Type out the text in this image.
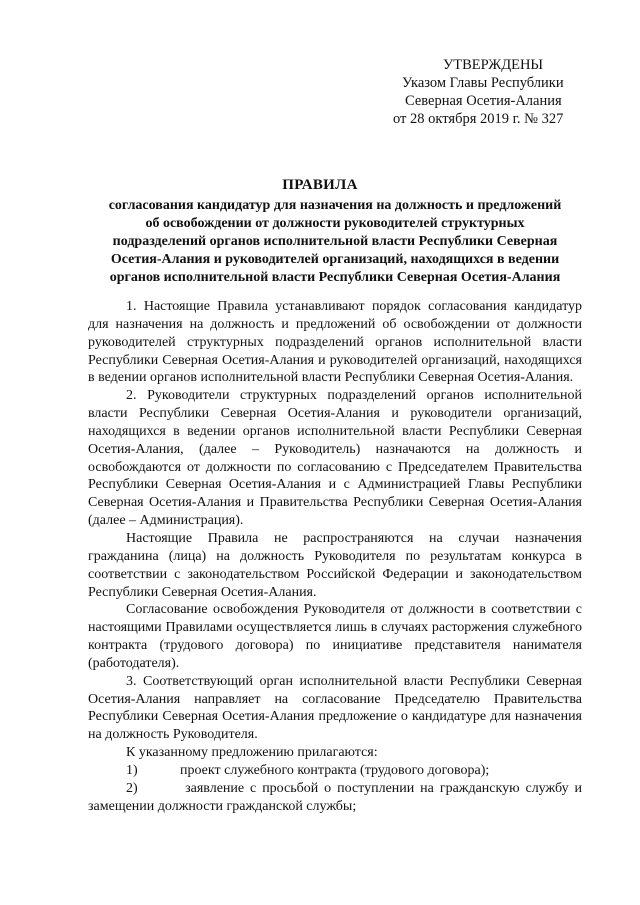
УТВЕРЖДЕНЫ
Указом Главы Республики
Северная Осетия-Алания
от 28 октября 2019 г. № 327
ПРАВИЛА
согласования кандидатур для назначения на должность и предложений
об освобождении от должности руководителей структурных
подразделений органов исполнительной власти Республики Северная
Осетия-Алания и руководителей организаций, находящихся в ведении
органов исполнительной власти Республики Северная Осетия-Алания

1. Настоящие Правила устанавливают порядок согласования кандидатур для назначения на должность и предложений об освобождении от должности руководителей структурных подразделений органов исполнительной власти Республики Северная Осетия-Алания и руководителей организаций, находящихся в ведении органов исполнительной власти Республики Северная Осетия-Алания.

2. Руководители структурных подразделений органов исполнительной власти Республики Северная Осетия-Алания и руководители организаций, находящихся в ведении органов исполнительной власти Республики Северная Осетия-Алания, (далее – Руководитель) назначаются на должность и освобождаются от должности по согласованию с Председателем Правительства Республики Северная Осетия-Алания и с Администрацией Главы Республики Северная Осетия-Алания и Правительства Республики Северная Осетия-Алания (далее – Администрация).

Настоящие Правила не распространяются на случаи назначения гражданина (лица) на должность Руководителя по результатам конкурса в соответствии с законодательством Российской Федерации и законодательством Республики Северная Осетия-Алания.

Согласование освобождения Руководителя от должности в соответствии с настоящими Правилами осуществляется лишь в случаях расторжения служебного контракта (трудового договора) по инициативе представителя нанимателя (работодателя).

3. Соответствующий орган исполнительной власти Республики Северная Осетия-Алания направляет на согласование Председателю Правительства Республики Северная Осетия-Алания предложение о кандидатуре для назначения на должность Руководителя.

К указанному предложению прилагаются:

1)	проект служебного контракта (трудового договора);

2)	заявление с просьбой о поступлении на гражданскую службу и замещении должности гражданской службы;
